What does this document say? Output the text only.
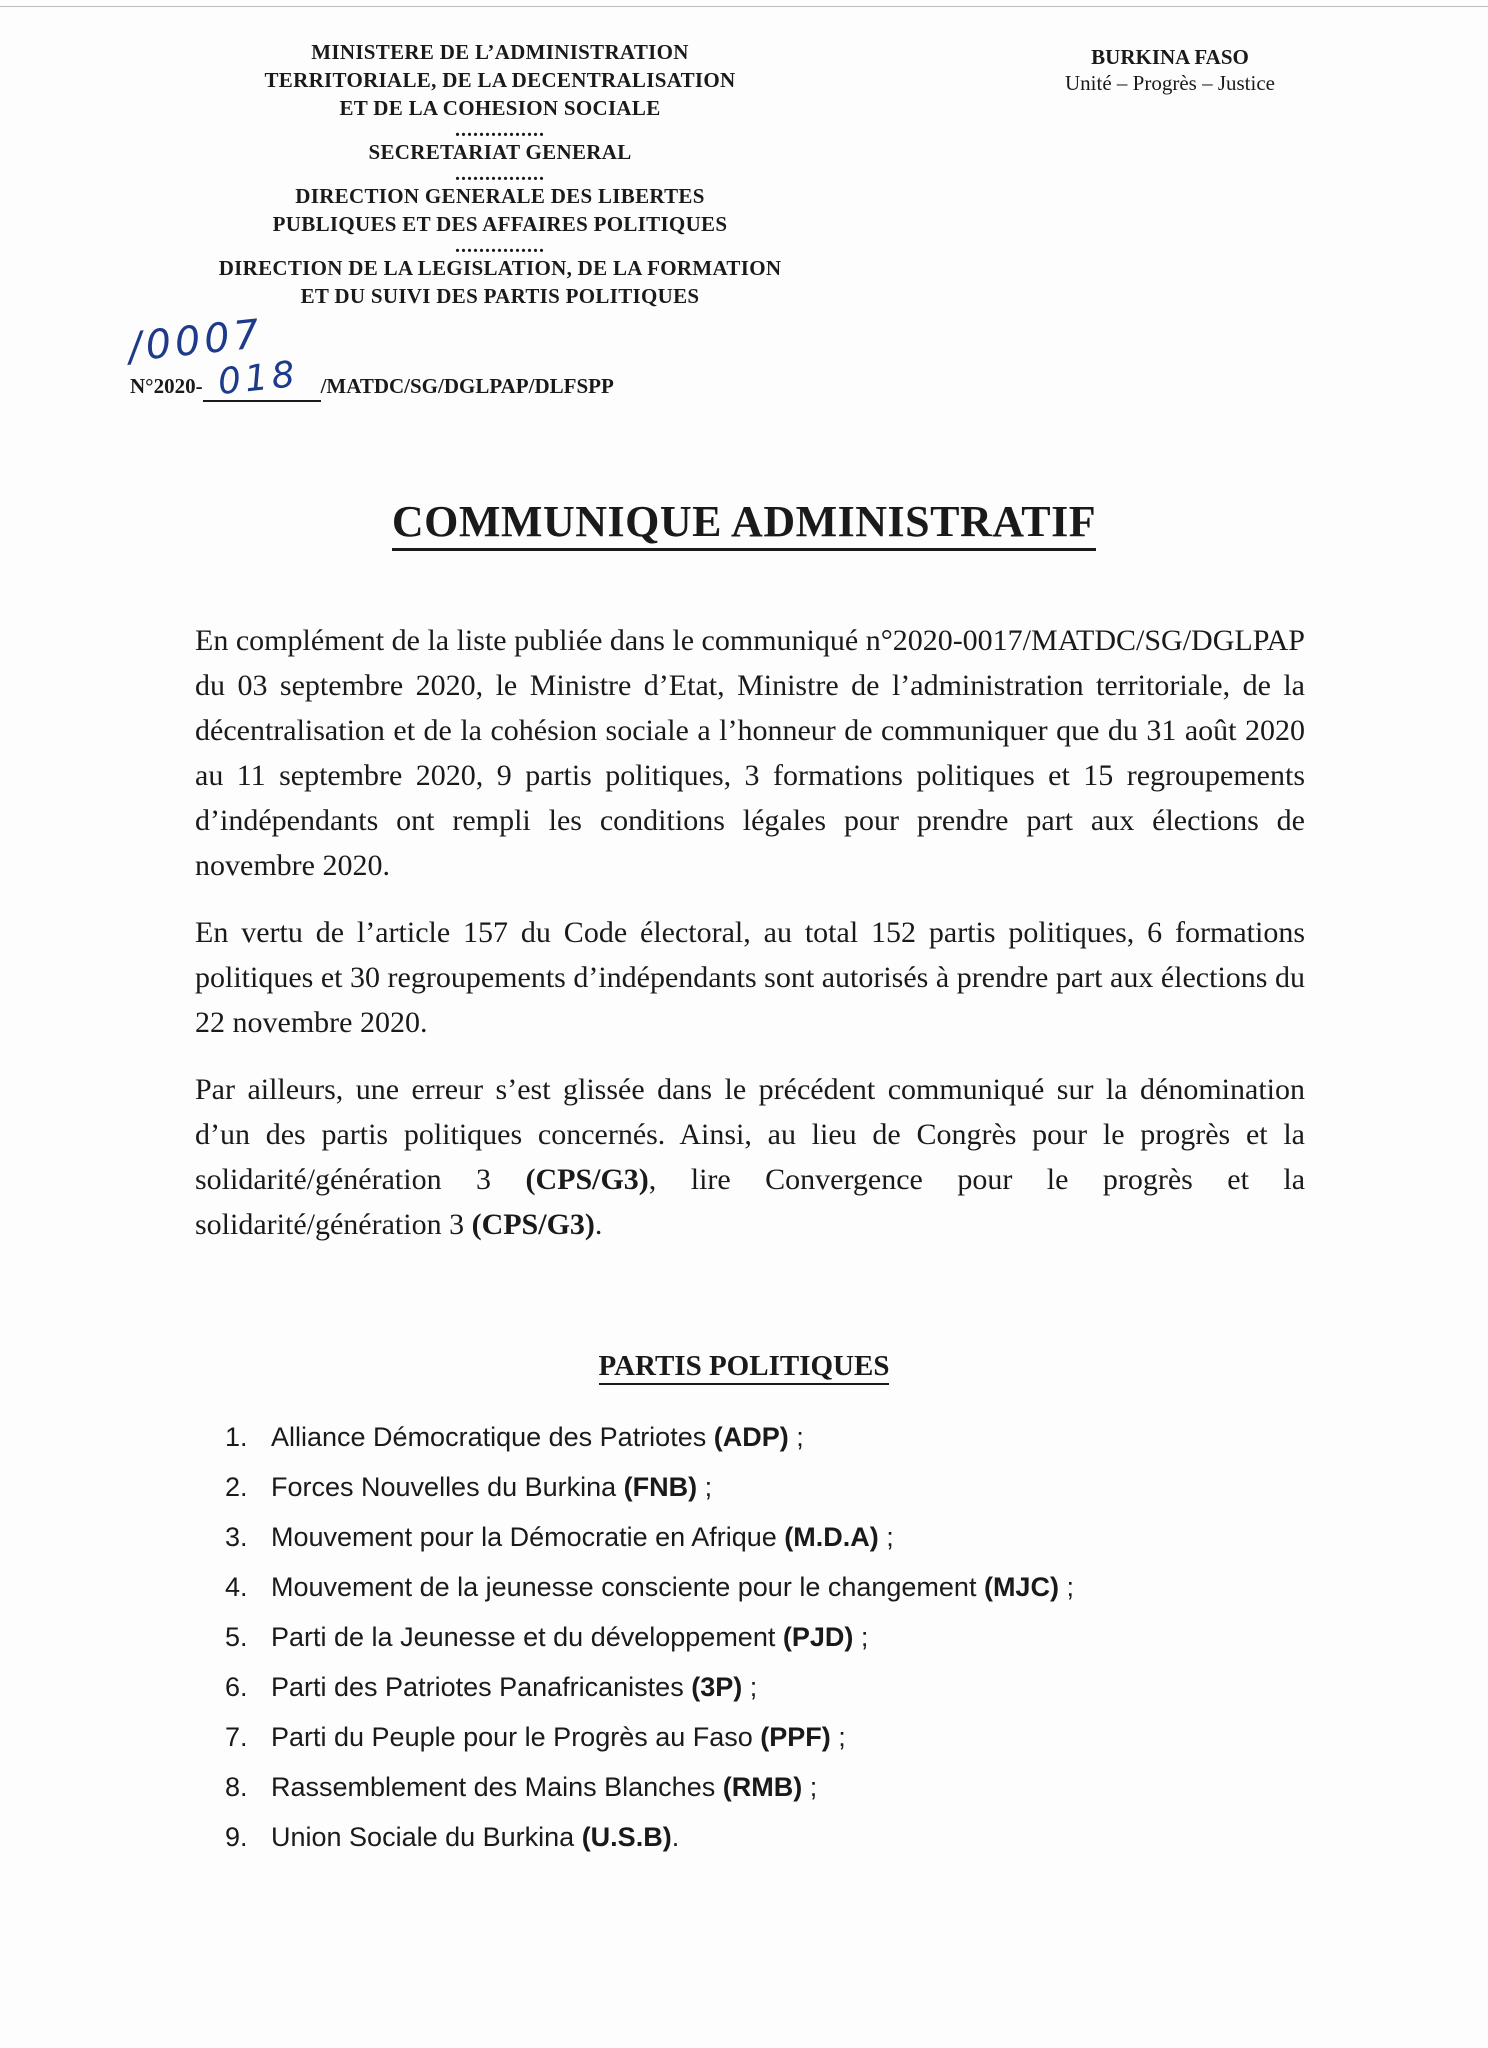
MINISTERE DE L’ADMINISTRATION
TERRITORIALE, DE LA DECENTRALISATION
ET DE LA COHESION SOCIALE
...............
SECRETARIAT GENERAL
...............
DIRECTION GENERALE DES LIBERTES
PUBLIQUES ET DES AFFAIRES POLITIQUES
...............
DIRECTION DE LA LEGISLATION, DE LA FORMATION
ET DU SUIVI DES PARTIS POLITIQUES
BURKINA FASO
Unité – Progrès – Justice
/0007
N°2020-	/MATDC/SG/DGLPAP/DLFSPP
018
COMMUNIQUE ADMINISTRATIF

En complément de la liste publiée dans le communiqué n°2020-0017/MATDC/SG/DGLPAP du 03 septembre 2020, le Ministre d’Etat, Ministre de l’administration territoriale, de la décentralisation et de la cohésion sociale a l’honneur de communiquer que du 31 août 2020 au 11 septembre 2020, 9 partis politiques, 3 formations politiques et 15 regroupements d’indépendants ont rempli les conditions légales pour prendre part aux élections de novembre 2020.

En vertu de l’article 157 du Code électoral, au total 152 partis politiques, 6 formations politiques et 30 regroupements d’indépendants sont autorisés à prendre part aux élections du 22 novembre 2020.

Par ailleurs, une erreur s’est glissée dans le précédent communiqué sur la dénomination d’un des partis politiques concernés. Ainsi, au lieu de Congrès pour le progrès et la solidarité/génération 3 (CPS/G3), lire Convergence pour le progrès et la solidarité/génération 3 (CPS/G3).

PARTIS POLITIQUES
1. Alliance Démocratique des Patriotes (ADP) ;
2. Forces Nouvelles du Burkina (FNB) ;
3. Mouvement pour la Démocratie en Afrique (M.D.A) ;
4. Mouvement de la jeunesse consciente pour le changement (MJC) ;
5. Parti de la Jeunesse et du développement (PJD) ;
6. Parti des Patriotes Panafricanistes (3P) ;
7. Parti du Peuple pour le Progrès au Faso (PPF) ;
8. Rassemblement des Mains Blanches (RMB) ;
9. Union Sociale du Burkina (U.S.B).
